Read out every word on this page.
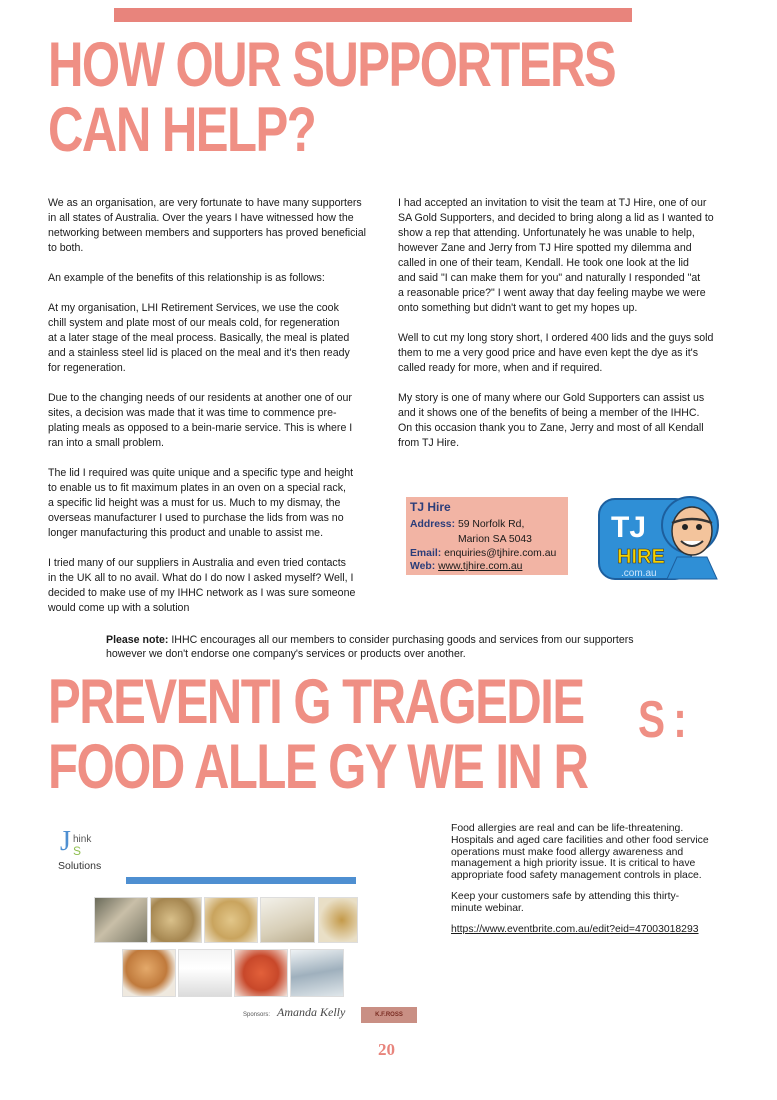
HOW OUR SUPPORTERS
CAN HELP?

We as an organisation, are very fortunate to have many supporters
in all states of Australia. Over the years I have witnessed how the
networking between members and supporters has proved beneficial
to both.

An example of the benefits of this relationship is as follows:

At my organisation, LHI Retirement Services, we use the cook
chill system and plate most of our meals cold, for regeneration
at a later stage of the meal process. Basically, the meal is plated
and a stainless steel lid is placed on the meal and it's then ready
for regeneration.

Due to the changing needs of our residents at another one of our
sites, a decision was made that it was time to commence pre-
plating meals as opposed to a bein-marie service. This is where I
ran into a small problem.

The lid I required was quite unique and a specific type and height
to enable us to fit maximum plates in an oven on a special rack,
a specific lid height was a must for us. Much to my dismay, the
overseas manufacturer I used to purchase the lids from was no
longer manufacturing this product and unable to assist me.

I tried many of our suppliers in Australia and even tried contacts
in the UK all to no avail. What do I do now I asked myself? Well, I
decided to make use of my IHHC network as I was sure someone
would come up with a solution

I had accepted an invitation to visit the team at TJ Hire, one of our
SA Gold Supporters, and decided to bring along a lid as I wanted to
show a rep that attending. Unfortunately he was unable to help,
however Zane and Jerry from TJ Hire spotted my dilemma and
called in one of their team, Kendall. He took one look at the lid
and said "I can make them for you" and naturally I responded "at
a reasonable price?" I went away that day feeling maybe we were
onto something but didn't want to get my hopes up.

Well to cut my long story short, I ordered 400 lids and the guys sold
them to me a very good price and have even kept the dye as it's
called ready for more, when and if required.

My story is one of many where our Gold Supporters can assist us
and it shows one of the benefits of being a member of the IHHC.
On this occasion thank you to Zane, Jerry and most of all Kendall
from TJ Hire.

TJ Hire
Address: 59 Norfolk Rd,
Marion SA 5043
Email: enquiries@tjhire.com.au
Web: www.tjhire.com.au
TJ
HIRE
.com.au
Please note: IHHC encourages all our members to consider purchasing goods and services from our supporters
however we don't endorse one company's services or products over another.
PREVENTI G TRAGEDIE S :
FOOD ALLE GY WE IN R
J hink
S
Solutions
Sponsors: Amanda Kelly	K.F.ROSS

Food allergies are real and can be life-threatening.
Hospitals and aged care facilities and other food service
operations must make food allergy awareness and
management a high priority issue. It is critical to have
appropriate food safety management controls in place.

Keep your customers safe by attending this thirty-
minute webinar.

https://www.eventbrite.com.au/edit?eid=47003018293

20
